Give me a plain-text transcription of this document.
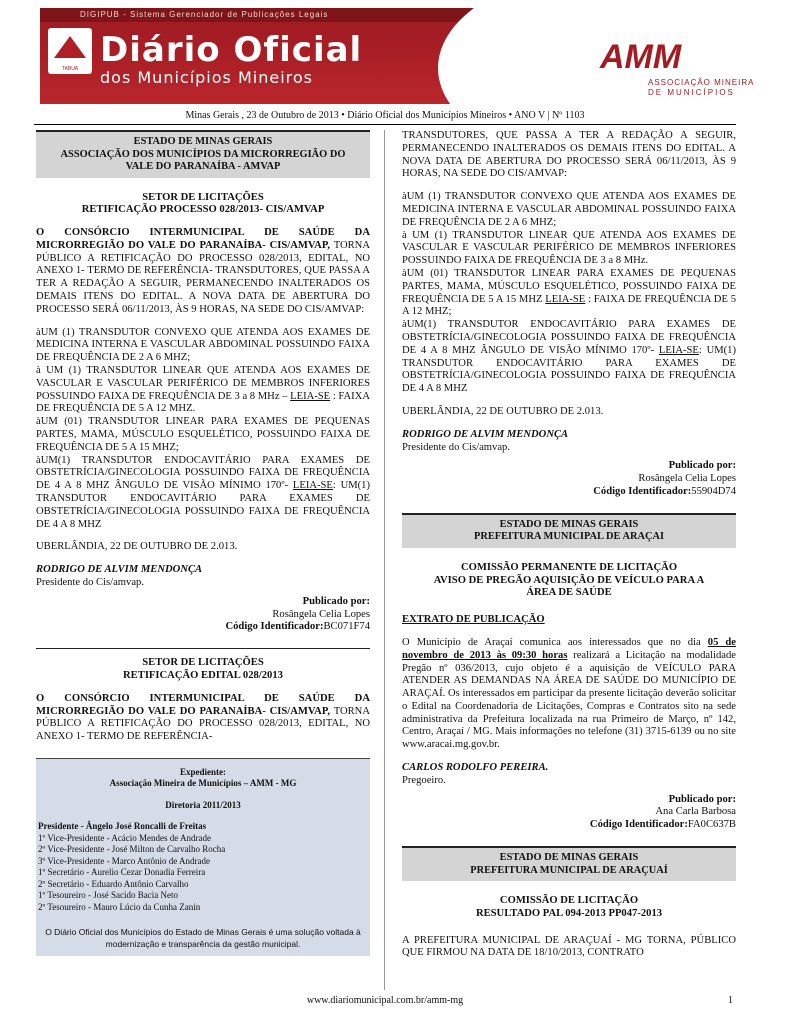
DIGIPUB - Sistema Gerenciador de Publicações Legais
TABUA Diário Oficial
dos Municípios Mineiros
AMM
ASSOCIAÇÃO MINEIRA
DE MUNICÍPIOS
Minas Gerais , 23 de Outubro de 2013 • Diário Oficial dos Municípios Mineiros • ANO V | Nº 1103
ESTADO DE MINAS GERAIS
ASSOCIAÇÃO DOS MUNICÍPIOS DA MICRORREGIÃO DO
VALE DO PARANAÍBA - AMVAP
SETOR DE LICITAÇÕES
RETIFICAÇÃO PROCESSO 028/2013- CIS/AMVAP
O CONSÓRCIO INTERMUNICIPAL DE SAÚDE DA MICRORREGIÃO DO VALE DO PARANAÍBA- CIS/AMVAP, TORNA PÚBLICO A RETIFICAÇÃO DO PROCESSO 028/2013, EDITAL, NO ANEXO 1- TERMO DE REFERÊNCIA- TRANSDUTORES, QUE PASSA A TER A REDAÇÃO A SEGUIR, PERMANECENDO INALTERADOS OS DEMAIS ITENS DO EDITAL. A NOVA DATA DE ABERTURA DO PROCESSO SERÁ 06/11/2013, ÀS 9 HORAS, NA SEDE DO CIS/AMVAP:
àUM (1) TRANSDUTOR CONVEXO QUE ATENDA AOS EXAMES DE MEDICINA INTERNA E VASCULAR ABDOMINAL POSSUINDO FAIXA DE FREQUÊNCIA DE 2 A 6 MHZ;
à UM (1) TRANSDUTOR LINEAR QUE ATENDA AOS EXAMES DE VASCULAR E VASCULAR PERIFÉRICO DE MEMBROS INFERIORES POSSUINDO FAIXA DE FREQUÊNCIA DE 3 a 8 MHz – LEIA-SE : FAIXA DE FREQUÊNCIA DE 5 A 12 MHZ.
àUM (01) TRANSDUTOR LINEAR PARA EXAMES DE PEQUENAS PARTES, MAMA, MÚSCULO ESQUELÉTICO, POSSUINDO FAIXA DE FREQUÊNCIA DE 5 A 15 MHZ;
àUM(1) TRANSDUTOR ENDOCAVITÁRIO PARA EXAMES DE OBSTETRÍCIA/GINECOLOGIA POSSUINDO FAIXA DE FREQUÊNCIA DE 4 A 8 MHZ ÂNGULO DE VISÃO MÍNIMO 170º- LEIA-SE: UM(1) TRANSDUTOR ENDOCAVITÁRIO PARA EXAMES DE OBSTETRÍCIA/GINECOLOGIA POSSUINDO FAIXA DE FREQUÊNCIA DE 4 A 8 MHZ
UBERLÂNDIA, 22 DE OUTUBRO DE 2.013.
RODRIGO DE ALVIM MENDONÇA
Presidente do Cis/amvap.
Publicado por:
Rosângela Celia Lopes
Código Identificador:BC071F74
SETOR DE LICITAÇÕES
RETIFICAÇÃO EDITAL 028/2013
O CONSÓRCIO INTERMUNICIPAL DE SAÚDE DA MICRORREGIÃO DO VALE DO PARANAÍBA- CIS/AMVAP, TORNA PÚBLICO A RETIFICAÇÃO DO PROCESSO 028/2013, EDITAL, NO ANEXO 1- TERMO DE REFERÊNCIA-
Expediente:
Associação Mineira de Municípios – AMM - MG
Diretoria 2011/2013
Presidente - Ângelo José Roncalli de Freitas
1º Vice-Presidente - Acácio Mendes de Andrade
2º Vice-Presidente - José Milton de Carvalho Rocha
3º Vice-Presidente - Marco Antônio de Andrade
1º Secretário - Aurelio Cezar Donadia Ferreira
2º Secretário - Eduardo Antônio Carvalho
1º Tesoureiro - José Sacido Bacia Neto
2º Tesoureiro - Mauro Lúcio da Cunha Zanin
O Diário Oficial dos Municípios do Estado de Minas Gerais é uma solução voltada à modernização e transparência da gestão municipal.
TRANSDUTORES, QUE PASSA A TER A REDAÇÃO A SEGUIR, PERMANECENDO INALTERADOS OS DEMAIS ITENS DO EDITAL. A NOVA DATA DE ABERTURA DO PROCESSO SERÁ 06/11/2013, ÀS 9 HORAS, NA SEDE DO CIS/AMVAP:
àUM (1) TRANSDUTOR CONVEXO QUE ATENDA AOS EXAMES DE MEDICINA INTERNA E VASCULAR ABDOMINAL POSSUINDO FAIXA DE FREQUÊNCIA DE 2 A 6 MHZ;
à UM (1) TRANSDUTOR LINEAR QUE ATENDA AOS EXAMES DE VASCULAR E VASCULAR PERIFÉRICO DE MEMBROS INFERIORES POSSUINDO FAIXA DE FREQUÊNCIA DE 3 a 8 MHz.
àUM (01) TRANSDUTOR LINEAR PARA EXAMES DE PEQUENAS PARTES, MAMA, MÚSCULO ESQUELÉTICO, POSSUINDO FAIXA DE FREQUÊNCIA DE 5 A 15 MHZ LEIA-SE : FAIXA DE FREQUÊNCIA DE 5 A 12 MHZ;
àUM(1) TRANSDUTOR ENDOCAVITÁRIO PARA EXAMES DE OBSTETRÍCIA/GINECOLOGIA POSSUINDO FAIXA DE FREQUÊNCIA DE 4 A 8 MHZ ÂNGULO DE VISÃO MÍNIMO 170º- LEIA-SE: UM(1) TRANSDUTOR ENDOCAVITÁRIO PARA EXAMES DE OBSTETRÍCIA/GINECOLOGIA POSSUINDO FAIXA DE FREQUÊNCIA DE 4 A 8 MHZ
UBERLÂNDIA, 22 DE OUTUBRO DE 2.013.
RODRIGO DE ALVIM MENDONÇA
Presidente do Cis/amvap.
Publicado por:
Rosângela Celia Lopes
Código Identificador:55904D74
ESTADO DE MINAS GERAIS
PREFEITURA MUNICIPAL DE ARAÇAI
COMISSÃO PERMANENTE DE LICITAÇÃO
AVISO DE PREGÃO AQUISIÇÃO DE VEÍCULO PARA A
ÁREA DE SAÚDE
EXTRATO DE PUBLICAÇÃO
O Município de Araçaí comunica aos interessados que no dia 05 de novembro de 2013 às 09:30 horas realizará a Licitação na modalidade Pregão nº 036/2013, cujo objeto é a aquisição de VEÍCULO PARA ATENDER AS DEMANDAS NA ÁREA DE SAÚDE DO MUNICÍPIO DE ARAÇAÍ. Os interessados em participar da presente licitação deverão solicitar o Edital na Coordenadoria de Licitações, Compras e Contratos sito na sede administrativa da Prefeitura localizada na rua Primeiro de Março, nº 142, Centro, Araçaí / MG. Mais informações no telefone (31) 3715-6139 ou no site www.aracai.mg.gov.br.
CARLOS RODOLFO PEREIRA.
Pregoeiro.
Publicado por:
Ana Carla Barbosa
Código Identificador:FA0C637B
ESTADO DE MINAS GERAIS
PREFEITURA MUNICIPAL DE ARAÇUAÍ
COMISSÃO DE LICITAÇÃO
RESULTADO PAL 094-2013 PP047-2013
A PREFEITURA MUNICIPAL DE ARAÇUAÍ - MG TORNA, PÚBLICO QUE FIRMOU NA DATA DE 18/10/2013, CONTRATO
www.diariomunicipal.com.br/amm-mg	1
